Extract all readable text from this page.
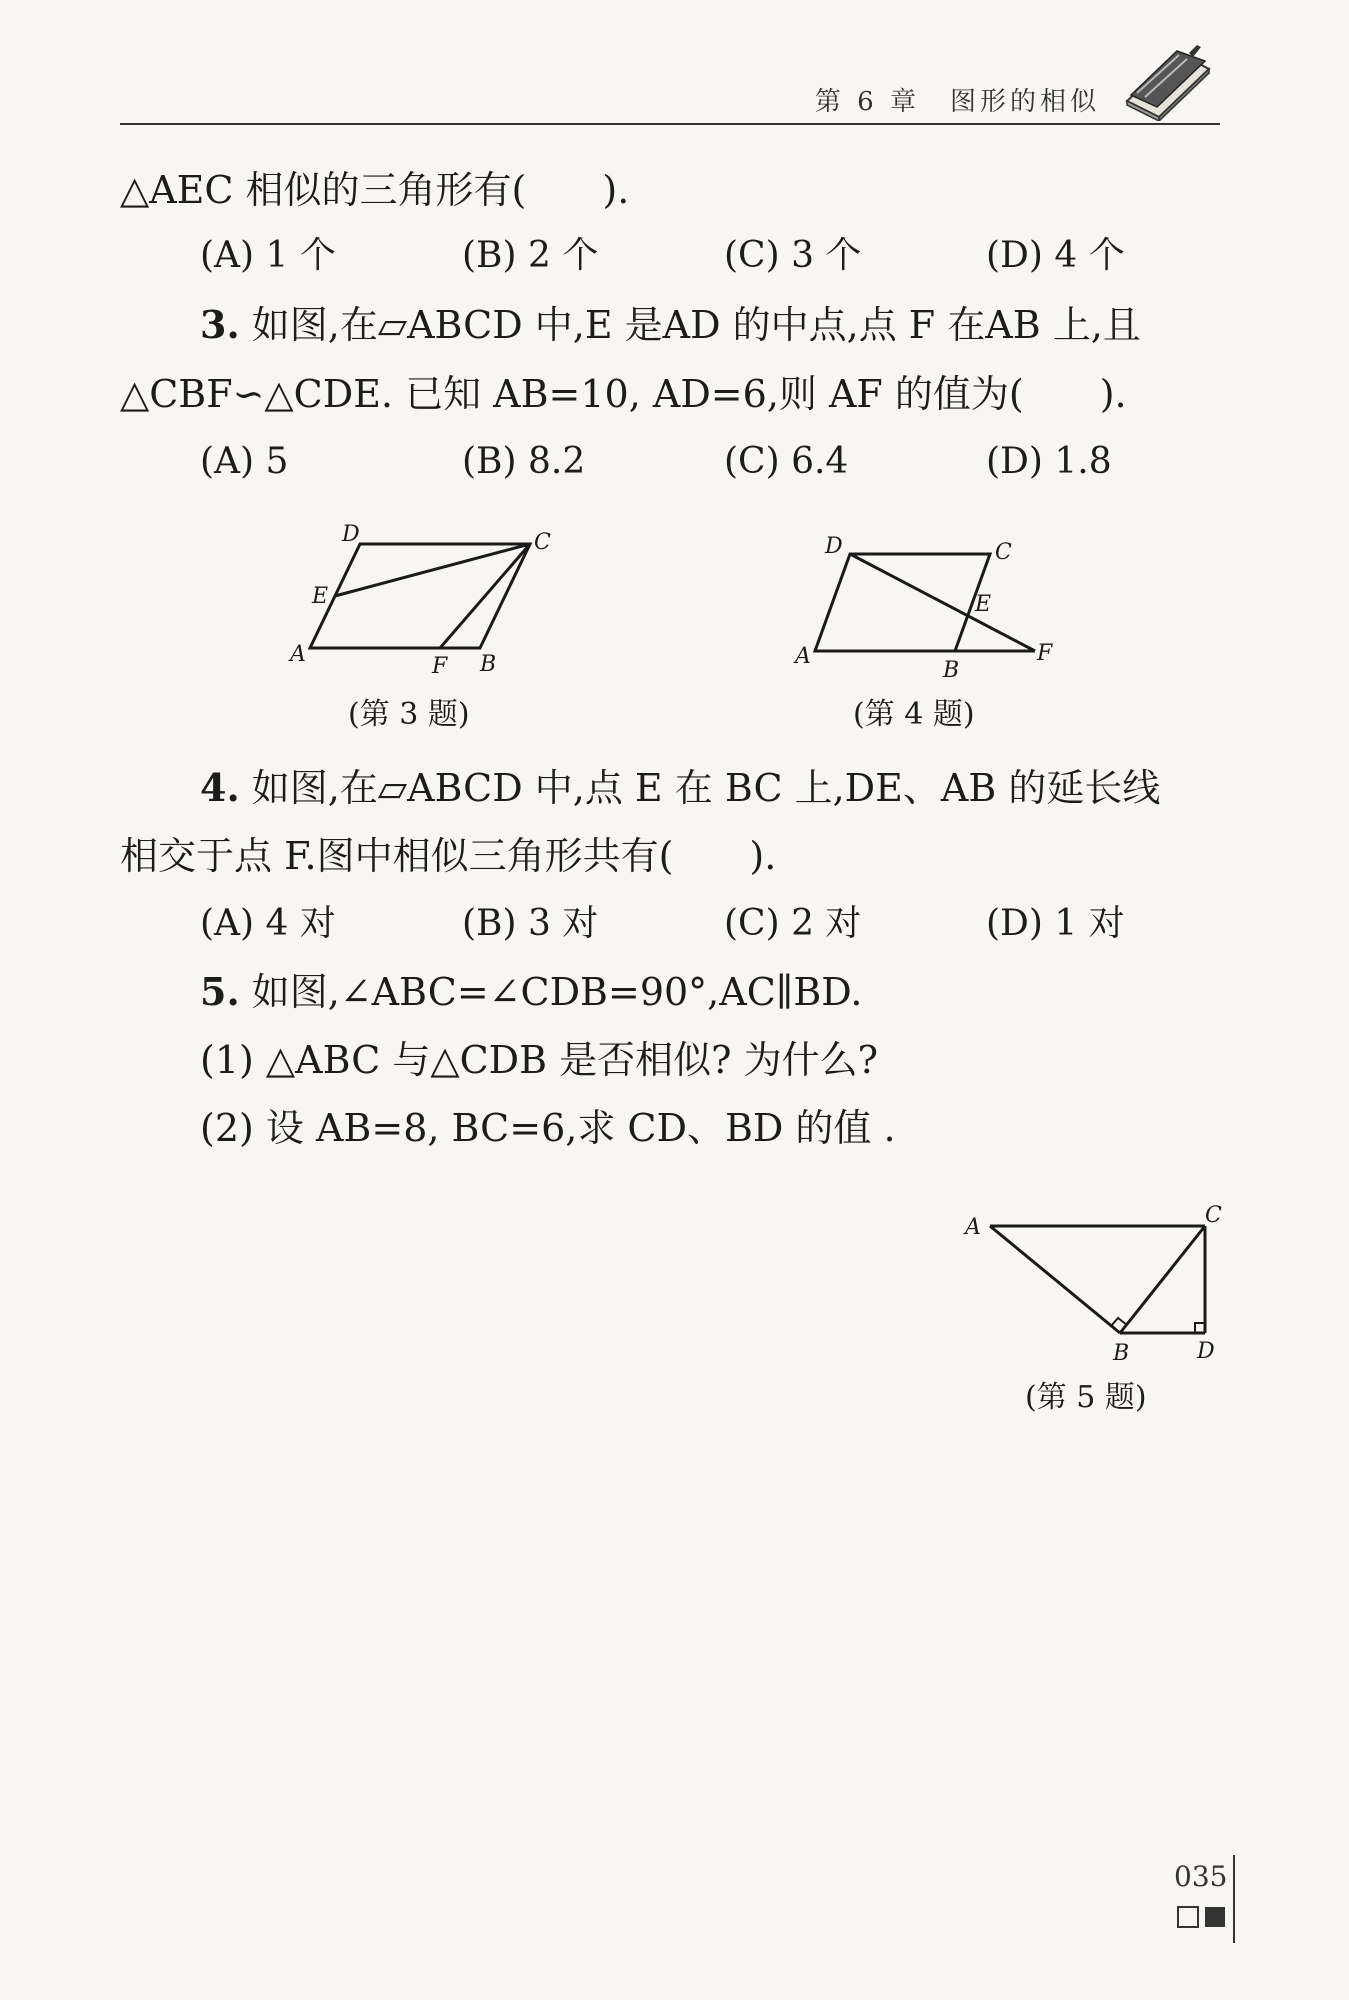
第 6 章　图形的相似
△AEC 相似的三角形有(　　).
(A) 1 个	(B) 2 个	(C) 3 个	(D) 4 个
3. 如图,在▱ABCD 中,E 是AD 的中点,点 F 在AB 上,且
△CBF∽△CDE. 已知 AB=10, AD=6,则 AF 的值为(　　).
(A) 5	(B) 8.2	(C) 6.4	(D) 1.8
D	C
E
A	F B
(第 3 题)
D	C
E
A
B
F
(第 4 题)
4. 如图,在▱ABCD 中,点 E 在 BC 上,DE、AB 的延长线
相交于点 F.图中相似三角形共有(　　).
(A) 4 对	(B) 3 对	(C) 2 对	(D) 1 对
5. 如图,∠ABC=∠CDB=90°,AC∥BD.
(1) △ABC 与△CDB 是否相似? 为什么?
(2) 设 AB=8, BC=6,求 CD、BD 的值 .
A	C
B	D
(第 5 题)
035
